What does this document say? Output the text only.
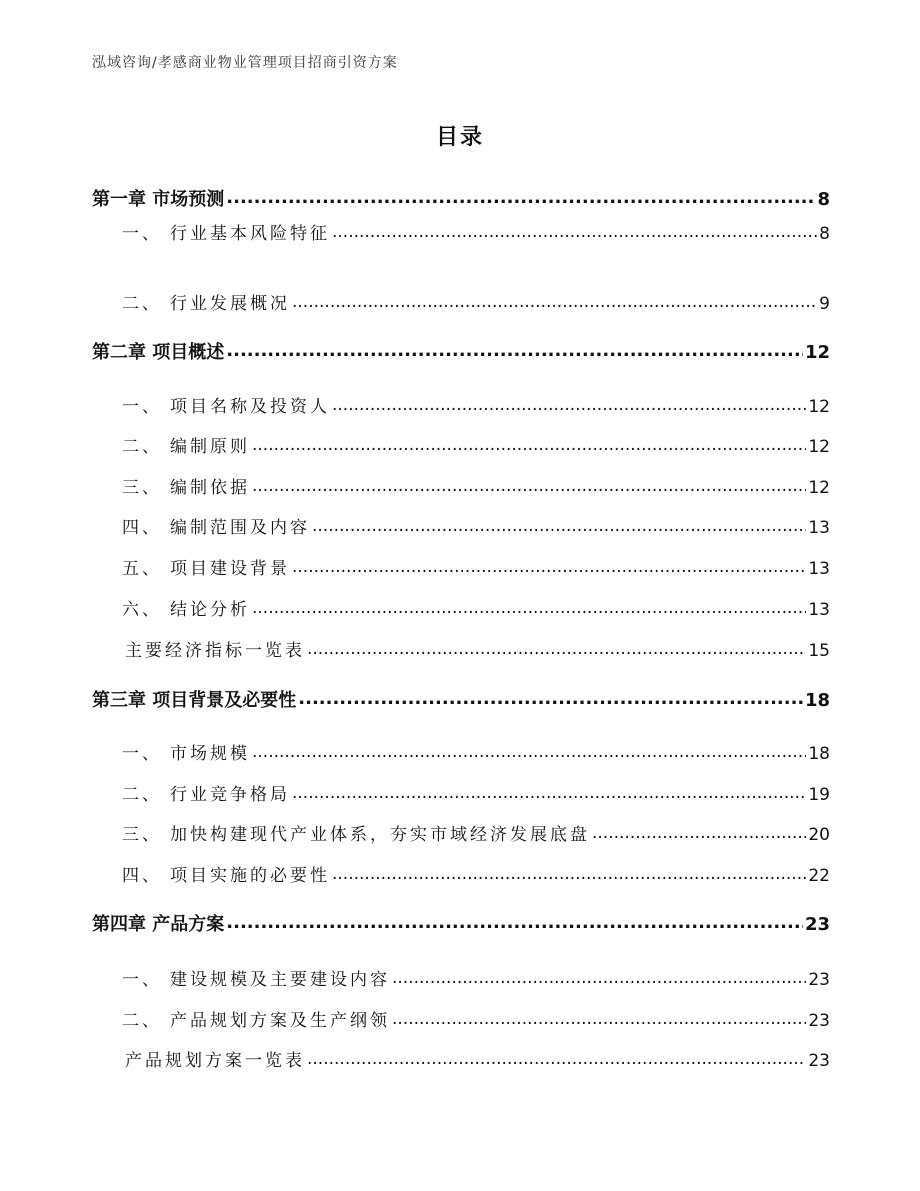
泓域咨询/孝感商业物业管理项目招商引资方案
目录
第一章 市场预测 .....	8
一、 行业基本风险特征 .....	8
二、 行业发展概况 .....	9
第二章 项目概述 .....	12
一、 项目名称及投资人 .....	12
二、 编制原则 .....	12
三、 编制依据 .....	12
四、 编制范围及内容 .....	13
五、 项目建设背景 .....	13
六、 结论分析 .....	13
主要经济指标一览表 .....	15
第三章 项目背景及必要性 .....	18
一、 市场规模 .....	18
二、 行业竞争格局 .....	19
三、 加快构建现代产业体系，夯实市域经济发展底盘 .....	20
四、 项目实施的必要性 .....	22
第四章 产品方案 .....	23
一、 建设规模及主要建设内容 .....	23
二、 产品规划方案及生产纲领 .....	23
产品规划方案一览表 .....	23
